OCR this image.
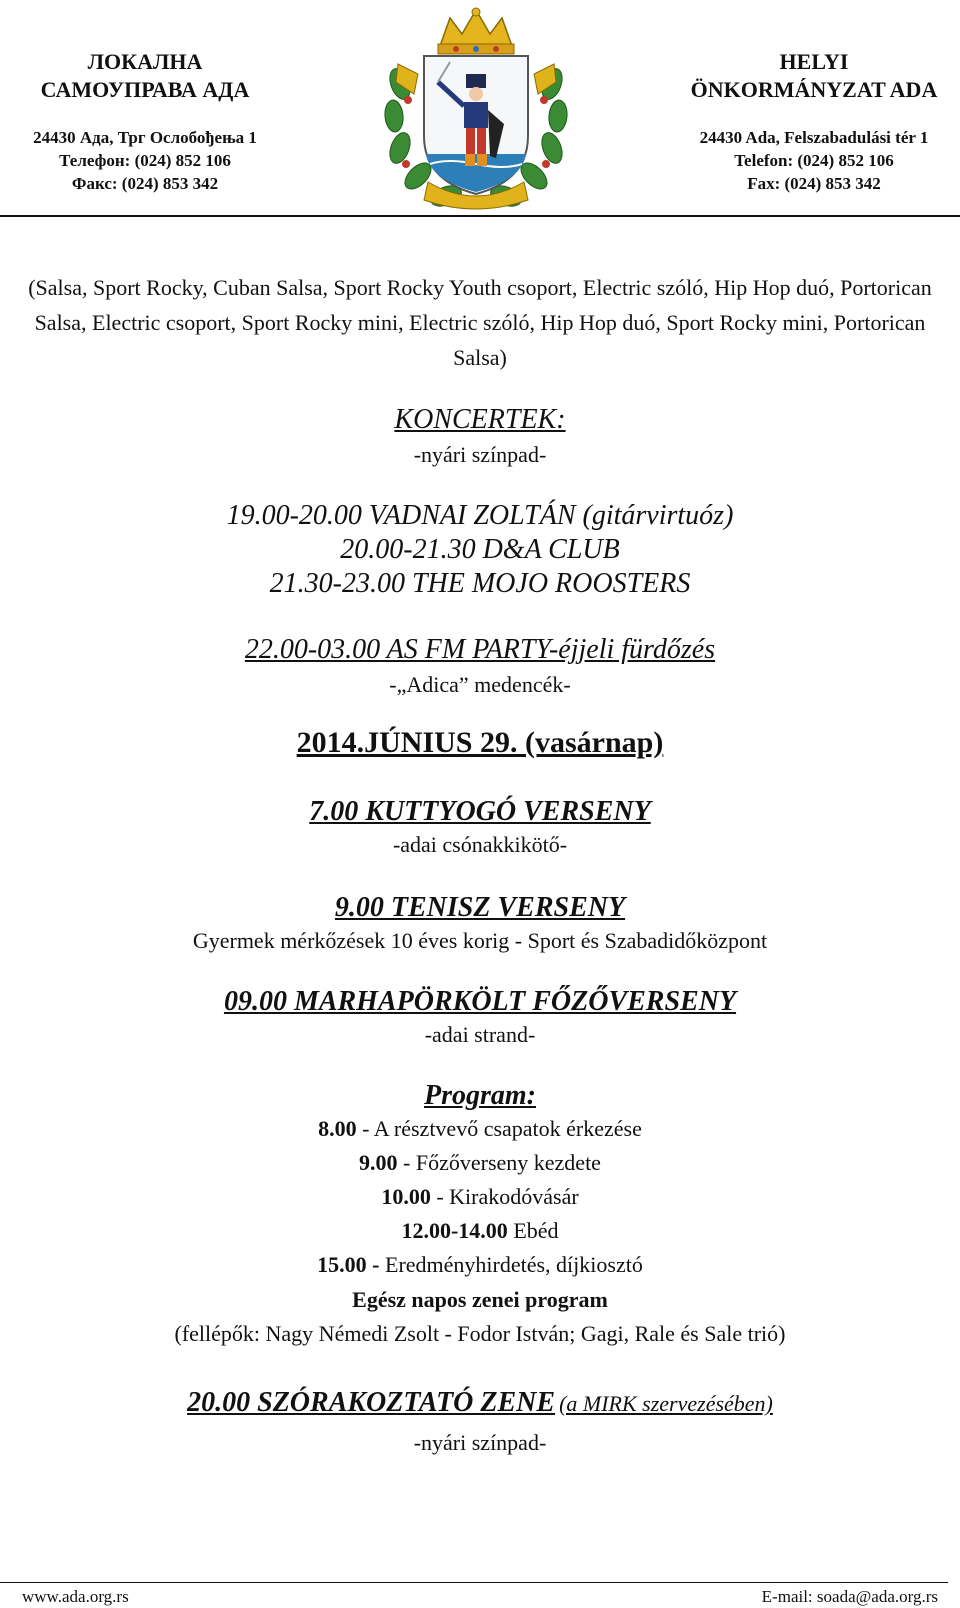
ЛОКАЛНА
САМОУПРАВА АДА
24430 Ада, Трг Ослобођења 1
Телефон: (024) 852 106
Факс: (024) 853 342
HELYI
ÖNKORMÁNYZAT ADA
24430 Ada, Felszabadulási tér 1
Telefon: (024) 852 106
Fax: (024) 853 342
(Salsa, Sport Rocky, Cuban Salsa, Sport Rocky Youth csoport, Electric szóló, Hip Hop duó, Portorican Salsa, Electric csoport, Sport Rocky mini, Electric szóló, Hip Hop duó, Sport Rocky mini, Portorican Salsa)
KONCERTEK:
-nyári színpad-
19.00-20.00 VADNAI ZOLTÁN (gitárvirtuóz)
20.00-21.30 D&A CLUB
21.30-23.00 THE MOJO ROOSTERS
22.00-03.00 AS FM PARTY-éjjeli fürdőzés
-„Adica” medencék-
2014.JÚNIUS 29. (vasárnap)
7.00 KUTTYOGÓ VERSENY
-adai csónakkikötő-
9.00 TENISZ VERSENY
Gyermek mérkőzések 10 éves korig - Sport és Szabadidőközpont
09.00 MARHAPÖRKÖLT FŐZŐVERSENY
-adai strand-
Program:
8.00 - A résztvevő csapatok érkezése
9.00 - Főzőverseny kezdete
10.00 - Kirakodóvásár
12.00-14.00 Ebéd
15.00 - Eredményhirdetés, díjkiosztó
Egész napos zenei program
(fellépők: Nagy Némedi Zsolt - Fodor István; Gagi, Rale és Sale trió)
20.00 SZÓRAKOZTATÓ ZENE (a MIRK szervezésében)
-nyári színpad-
www.ada.org.rs	E-mail: soada@ada.org.rs
